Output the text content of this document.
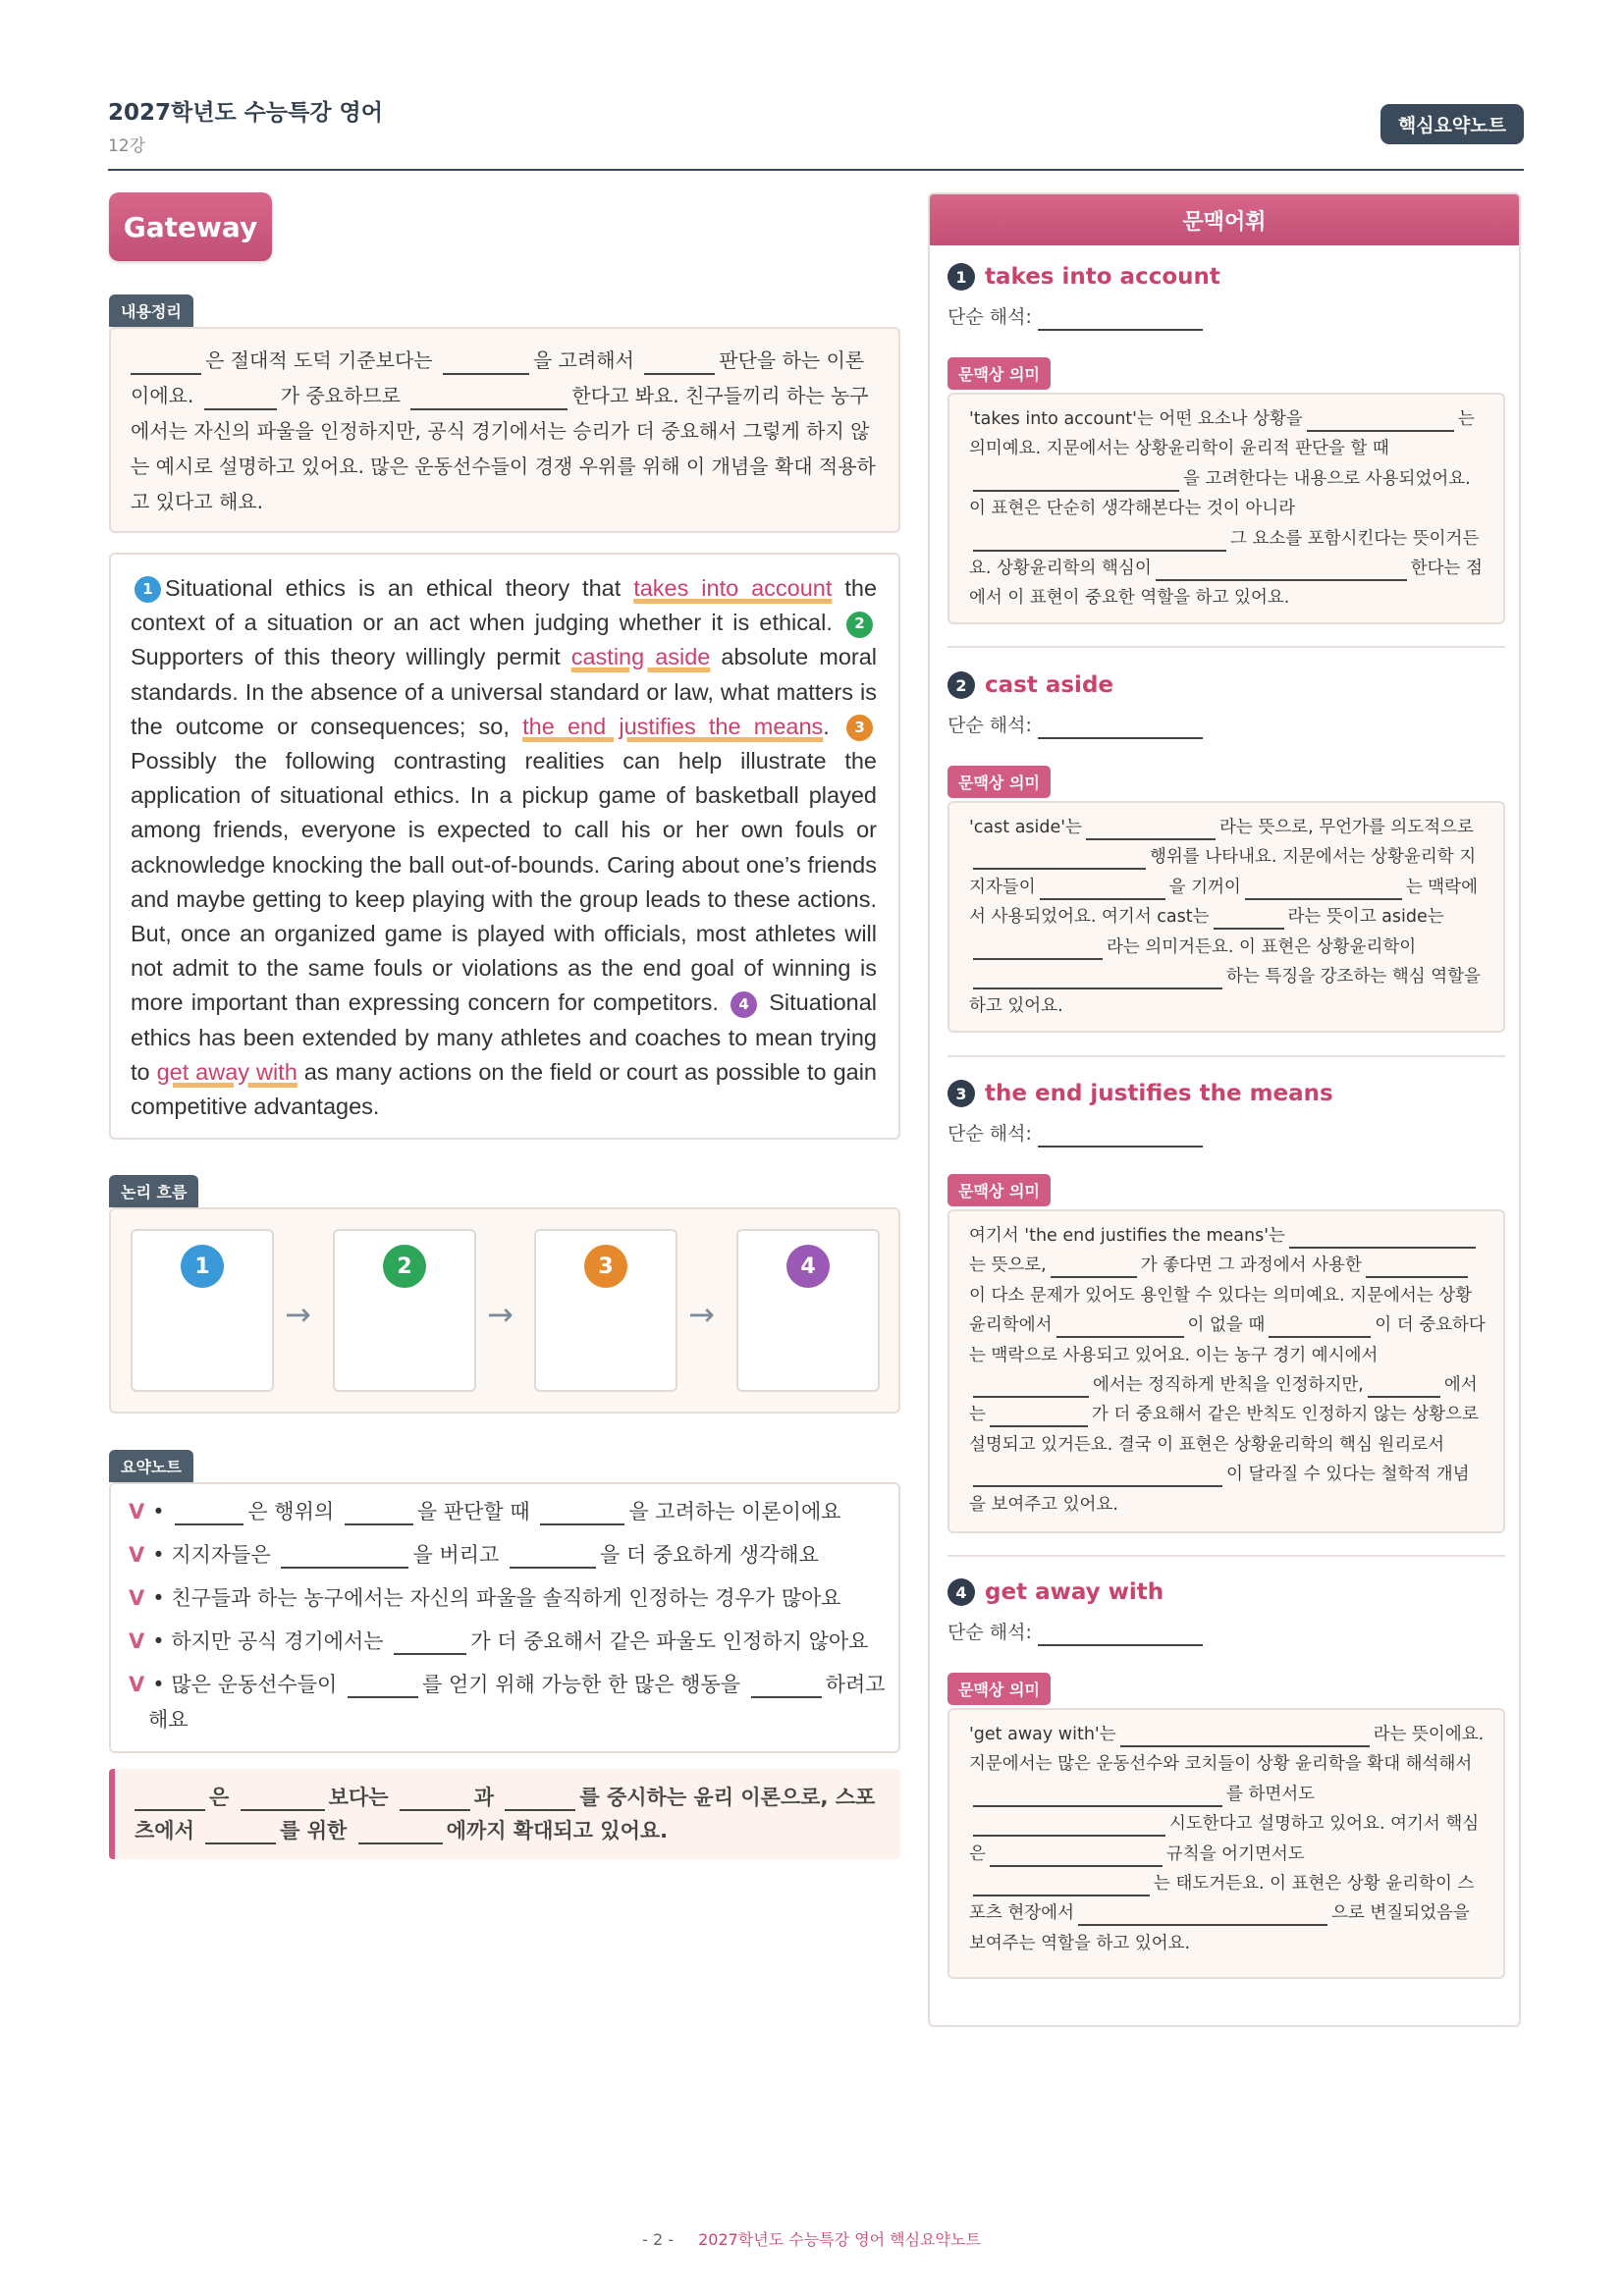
2027학년도 수능특강 영어
12강
핵심요약노트
Gateway
내용정리
은 절대적 도덕 기준보다는	을 고려해서	판단을 하는 이론이에요.	가 중요하므로	한다고 봐요. 친구들끼리 하는 농구에서는 자신의 파울을 인정하지만, 공식 경기에서는 승리가 더 중요해서 그렇게 하지 않는 예시로 설명하고 있어요. 많은 운동선수들이 경쟁 우위를 위해 이 개념을 확대 적용하고 있다고 해요.
1 Situational ethics is an ethical theory that takes into account the context of a situation or an act when judging whether it is ethical. 2 Supporters of this theory willingly permit casting aside absolute moral standards. In the absence of a universal standard or law, what matters is the outcome or consequences; so, the end justifies the means. 3 Possibly the following contrasting realities can help illustrate the application of situational ethics. In a pickup game of basketball played among friends, everyone is expected to call his or her own fouls or acknowledge knocking the ball out-of-bounds. Caring about one’s friends and maybe getting to keep playing with the group leads to these actions. But, once an organized game is played with officials, most athletes will not admit to the same fouls or violations as the end goal of winning is more important than expressing concern for competitors. 4 Situational ethics has been extended by many athletes and coaches to mean trying to get away with as many actions on the field or court as possible to gain competitive advantages.
논리 흐름
1
→
2
→
3
→
4
요약노트
V •	은 행위의	을 판단할 때	을 고려하는 이론이에요
V • 지지자들은	을 버리고	을 더 중요하게 생각해요
V • 친구들과 하는 농구에서는 자신의 파울을 솔직하게 인정하는 경우가 많아요
V • 하지만 공식 경기에서는	가 더 중요해서 같은 파울도 인정하지 않아요
V • 많은 운동선수들이	를 얻기 위해 가능한 한 많은 행동을	하려고
해요
은	보다는	과	를 중시하는 윤리 이론으로, 스포츠에서	를 위한	에까지 확대되고 있어요.
문맥어휘
1 takes into account
단순 해석:
문맥상 의미
'takes into account'는 어떤 요소나 상황을	는 의미예요. 지문에서는 상황윤리학이 윤리적 판단을 할 때을 고려한다는 내용으로 사용되었어요. 이 표현은 단순히 생각해본다는 것이 아니라그 요소를 포함시킨다는 뜻이거든요. 상황윤리학의 핵심이	한다는 점에서 이 표현이 중요한 역할을 하고 있어요.
2 cast aside
단순 해석:
문맥상 의미
'cast aside'는	라는 뜻으로, 무언가를 의도적으로행위를 나타내요. 지문에서는 상황윤리학 지지자들이	을 기꺼이	는 맥락에서 사용되었어요. 여기서 cast는	라는 뜻이고 aside는라는 의미거든요. 이 표현은 상황윤리학이하는 특징을 강조하는 핵심 역할을 하고 있어요.
3 the end justifies the means
단순 해석:
문맥상 의미
여기서 'the end justifies the means'는는 뜻으로,	가 좋다면 그 과정에서 사용한이 다소 문제가 있어도 용인할 수 있다는 의미예요. 지문에서는 상황윤리학에서	이 없을 때	이 더 중요하다는 맥락으로 사용되고 있어요. 이는 농구 경기 예시에서에서는 정직하게 반칙을 인정하지만,	에서는	가 더 중요해서 같은 반칙도 인정하지 않는 상황으로 설명되고 있거든요. 결국 이 표현은 상황윤리학의 핵심 원리로서이 달라질 수 있다는 철학적 개념을 보여주고 있어요.
4 get away with
단순 해석:
문맥상 의미
'get away with'는	라는 뜻이에요. 지문에서는 많은 운동선수와 코치들이 상황 윤리학을 확대 해석해서를 하면서도시도한다고 설명하고 있어요. 여기서 핵심은	규칙을 어기면서도는 태도거든요. 이 표현은 상황 윤리학이 스포츠 현장에서	으로 변질되었음을 보여주는 역할을 하고 있어요.
- 2 - 2027학년도 수능특강 영어 핵심요약노트
